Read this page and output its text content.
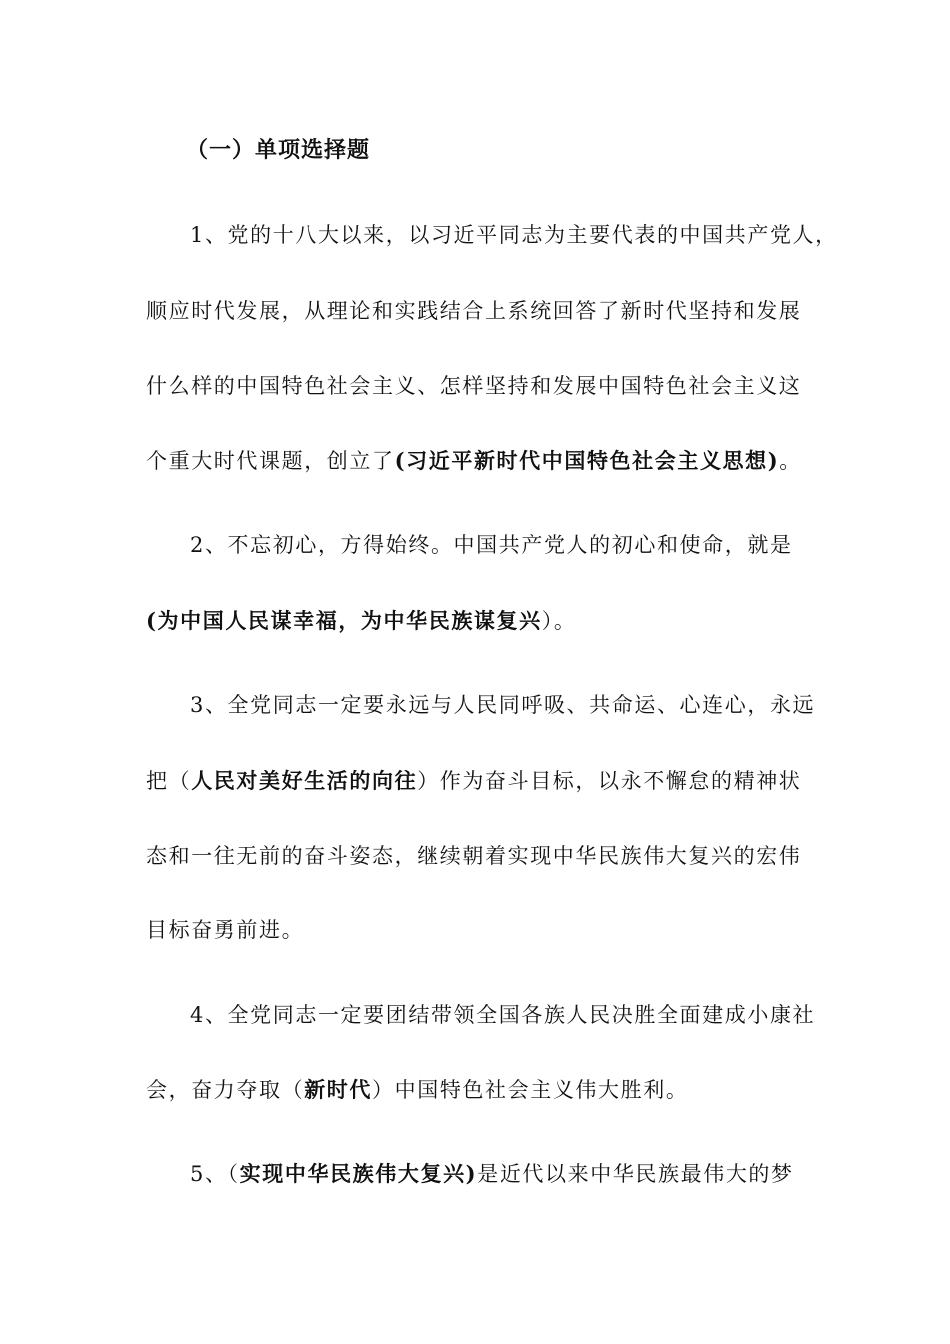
（一）单项选择题
1、党的十八大以来，以习近平同志为主要代表的中国共产党人，
顺应时代发展，从理论和实践结合上系统回答了新时代坚持和发展
什么样的中国特色社会主义、怎样坚持和发展中国特色社会主义这
个重大时代课题，创立了(习近平新时代中国特色社会主义思想)。
2、不忘初心，方得始终。中国共产党人的初心和使命，就是
(为中国人民谋幸福，为中华民族谋复兴）。
3、全党同志一定要永远与人民同呼吸、共命运、心连心，永远
把（人民对美好生活的向往）作为奋斗目标，以永不懈怠的精神状
态和一往无前的奋斗姿态，继续朝着实现中华民族伟大复兴的宏伟
目标奋勇前进。
4、全党同志一定要团结带领全国各族人民决胜全面建成小康社
会，奋力夺取（新时代）中国特色社会主义伟大胜利。
5、（实现中华民族伟大复兴)是近代以来中华民族最伟大的梦
